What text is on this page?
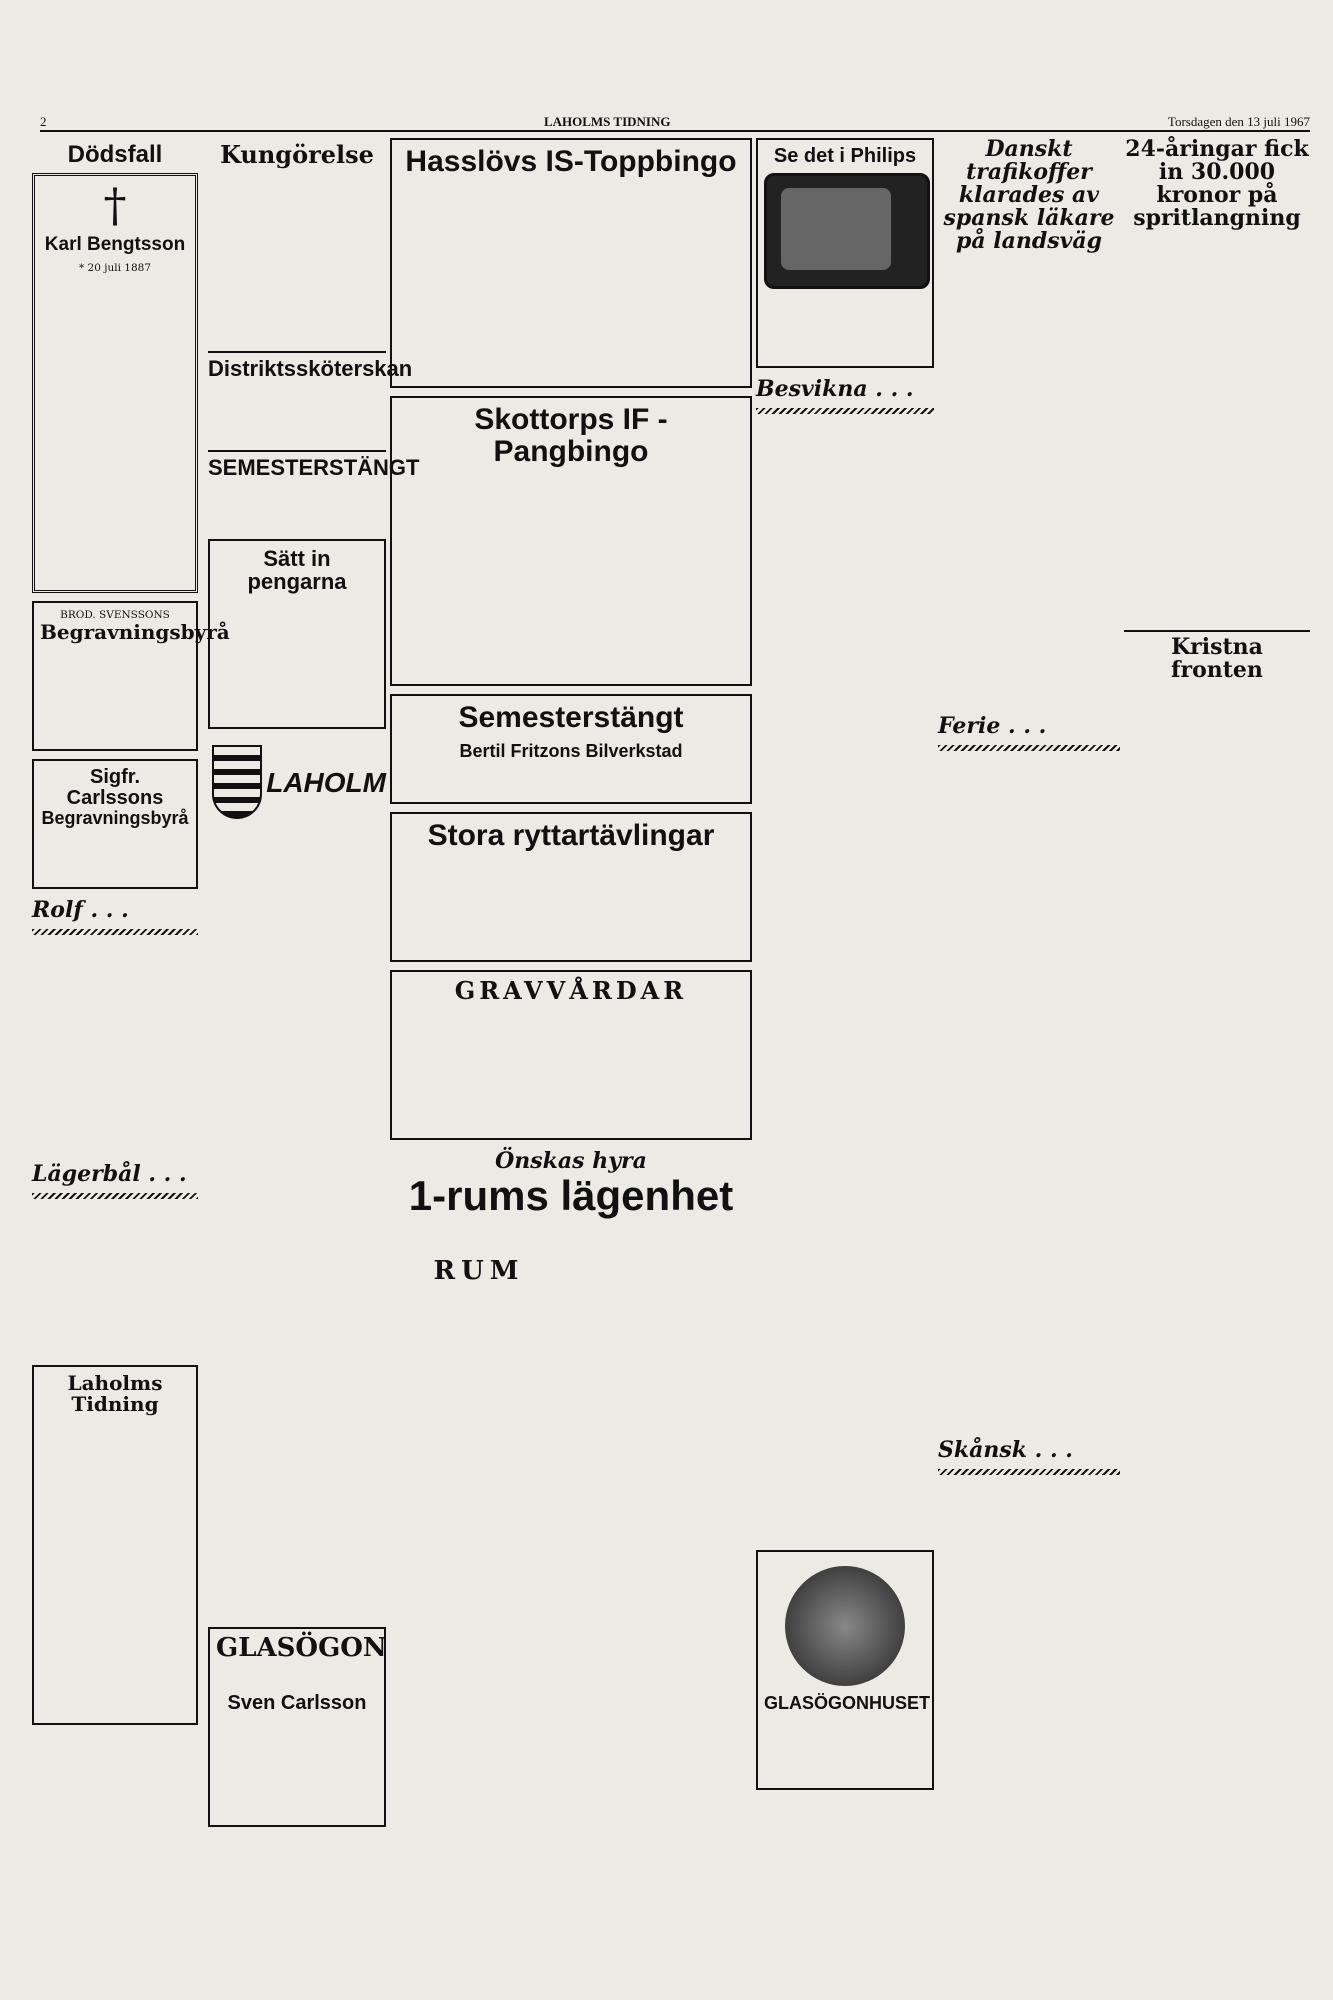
2	LAHOLMS TIDNING	Torsdagen den 13 juli 1967
Dödsfall
†
Karl Bengtsson
* 20 juli 1887
BROD. SVENSSONS
Begravningsbyrå
Sigfr. Carlssons
Begravningsbyrå
Rolf . . .
Lägerbål . . .
Laholms Tidning
Kungörelse
Distriktssköterskan
SEMESTERSTÄNGT
Sätt in pengarna
LAHOLM
GLASÖGON
Sven Carlsson
Hasslövs IS-Toppbingo
Skottorps IF - Pangbingo
Semesterstängt
Bertil Fritzons Bilverkstad
Stora ryttartävlingar
GRAVVÅRDAR
Önskas hyra
1-rums lägenhet
RUM
Se det i Philips
Besvikna . . .
GLASÖGONHUSET
Danskt trafikoffer klarades av spansk läkare på landsväg
Ferie . . .
Skånsk . . .
24-åringar fick in 30.000 kronor på spritlangning
Kristna fronten
